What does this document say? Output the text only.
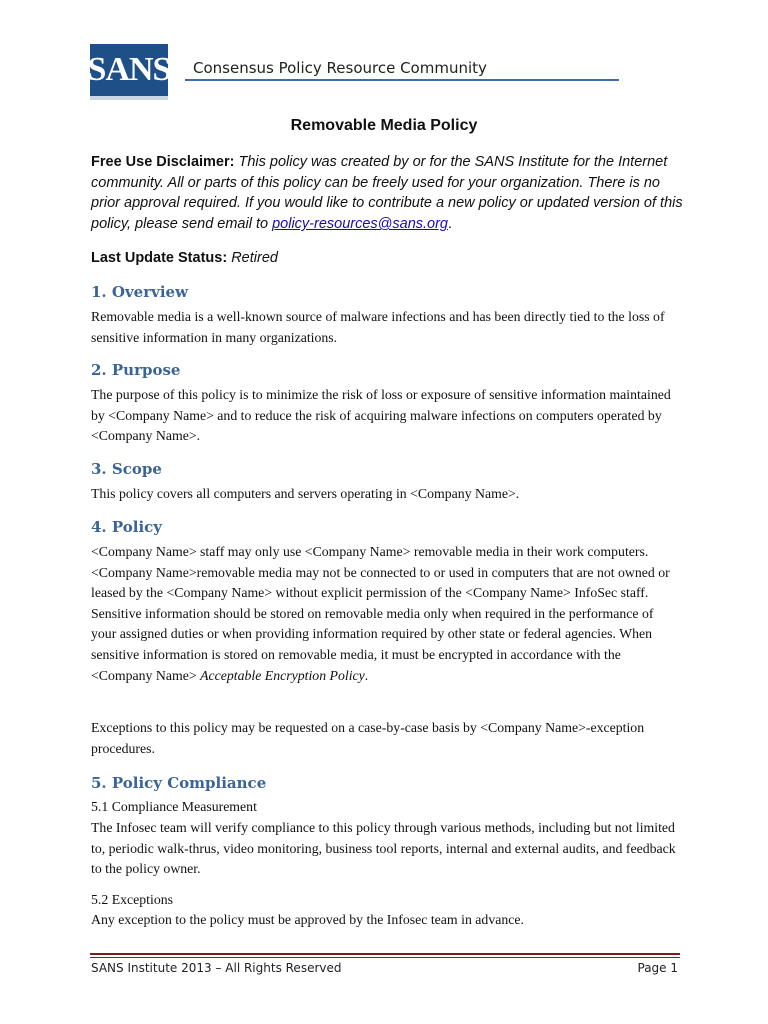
SANS Consensus Policy Resource Community
Removable Media Policy
Free Use Disclaimer: This policy was created by or for the SANS Institute for the Internet community. All or parts of this policy can be freely used for your organization. There is no prior approval required. If you would like to contribute a new policy or updated version of this policy, please send email to policy-resources@sans.org.
Last Update Status: Retired
1. Overview
Removable media is a well-known source of malware infections and has been directly tied to the loss of sensitive information in many organizations.
2. Purpose
The purpose of this policy is to minimize the risk of loss or exposure of sensitive information maintained by <Company Name> and to reduce the risk of acquiring malware infections on computers operated by <Company Name>.
3. Scope
This policy covers all computers and servers operating in <Company Name>.
4. Policy
<Company Name> staff may only use <Company Name> removable media in their work computers. <Company Name>removable media may not be connected to or used in computers that are not owned or leased by the <Company Name> without explicit permission of the <Company Name> InfoSec staff. Sensitive information should be stored on removable media only when required in the performance of your assigned duties or when providing information required by other state or federal agencies. When sensitive information is stored on removable media, it must be encrypted in accordance with the <Company Name> Acceptable Encryption Policy.
Exceptions to this policy may be requested on a case-by-case basis by <Company Name>-exception procedures.
5. Policy Compliance
5.1 Compliance Measurement
The Infosec team will verify compliance to this policy through various methods, including but not limited to, periodic walk-thrus, video monitoring, business tool reports, internal and external audits, and feedback to the policy owner.
5.2 Exceptions
Any exception to the policy must be approved by the Infosec team in advance.
SANS Institute 2013 – All Rights Reserved	Page 1
